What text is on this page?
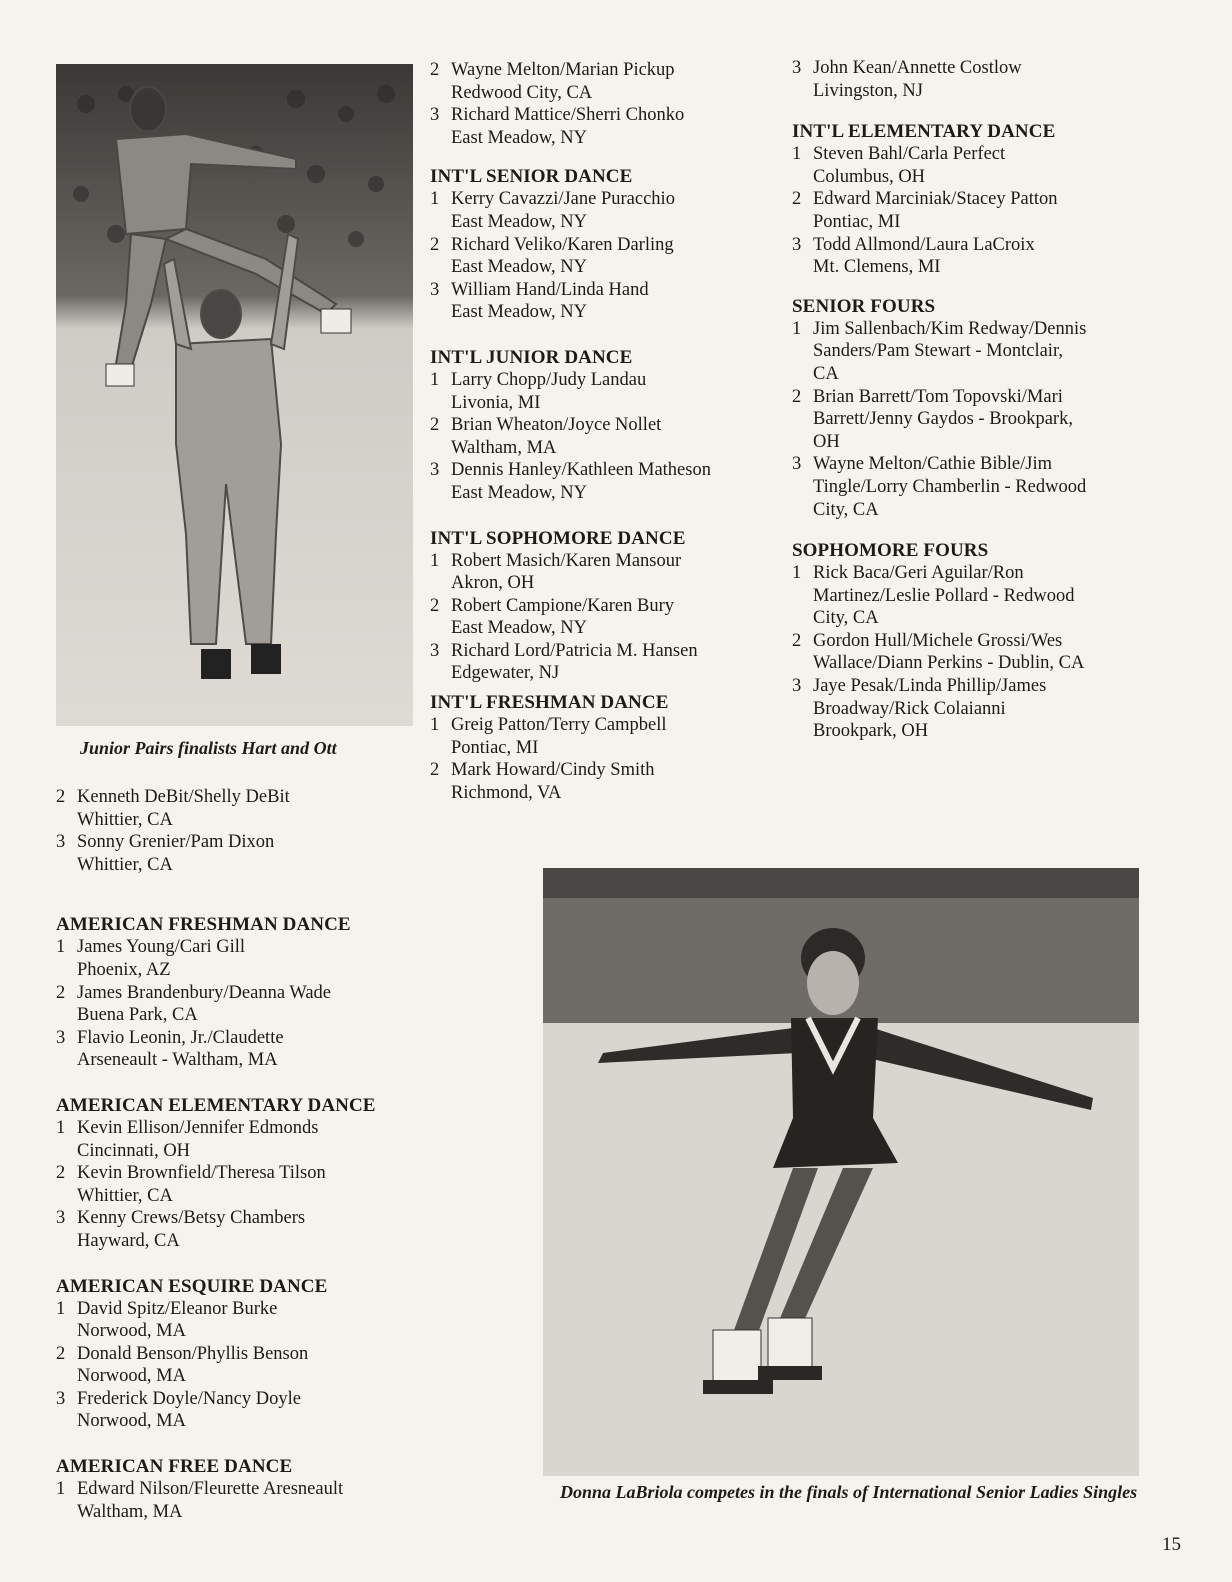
Junior Pairs finalists Hart and Ott
2 Kenneth DeBit/Shelly DeBit
Whittier, CA
3 Sonny Grenier/Pam Dixon
Whittier, CA
AMERICAN FRESHMAN DANCE
1 James Young/Cari Gill
Phoenix, AZ
2 James Brandenbury/Deanna Wade
Buena Park, CA
3 Flavio Leonin, Jr./Claudette
Arseneault - Waltham, MA
AMERICAN ELEMENTARY DANCE
1 Kevin Ellison/Jennifer Edmonds
Cincinnati, OH
2 Kevin Brownfield/Theresa Tilson
Whittier, CA
3 Kenny Crews/Betsy Chambers
Hayward, CA
AMERICAN ESQUIRE DANCE
1 David Spitz/Eleanor Burke
Norwood, MA
2 Donald Benson/Phyllis Benson
Norwood, MA
3 Frederick Doyle/Nancy Doyle
Norwood, MA
AMERICAN FREE DANCE
1 Edward Nilson/Fleurette Aresneault
Waltham, MA
2 Wayne Melton/Marian Pickup
Redwood City, CA
3 Richard Mattice/Sherri Chonko
East Meadow, NY
INT'L SENIOR DANCE
1 Kerry Cavazzi/Jane Puracchio
East Meadow, NY
2 Richard Veliko/Karen Darling
East Meadow, NY
3 William Hand/Linda Hand
East Meadow, NY
INT'L JUNIOR DANCE
1 Larry Chopp/Judy Landau
Livonia, MI
2 Brian Wheaton/Joyce Nollet
Waltham, MA
3 Dennis Hanley/Kathleen Matheson
East Meadow, NY
INT'L SOPHOMORE DANCE
1 Robert Masich/Karen Mansour
Akron, OH
2 Robert Campione/Karen Bury
East Meadow, NY
3 Richard Lord/Patricia M. Hansen
Edgewater, NJ
INT'L FRESHMAN DANCE
1 Greig Patton/Terry Campbell
Pontiac, MI
2 Mark Howard/Cindy Smith
Richmond, VA
3 John Kean/Annette Costlow
Livingston, NJ
INT'L ELEMENTARY DANCE
1 Steven Bahl/Carla Perfect
Columbus, OH
2 Edward Marciniak/Stacey Patton
Pontiac, MI
3 Todd Allmond/Laura LaCroix
Mt. Clemens, MI
SENIOR FOURS
1 Jim Sallenbach/Kim Redway/Dennis
Sanders/Pam Stewart - Montclair,
CA
2 Brian Barrett/Tom Topovski/Mari
Barrett/Jenny Gaydos - Brookpark,
OH
3 Wayne Melton/Cathie Bible/Jim
Tingle/Lorry Chamberlin - Redwood
City, CA
SOPHOMORE FOURS
1 Rick Baca/Geri Aguilar/Ron
Martinez/Leslie Pollard - Redwood
City, CA
2 Gordon Hull/Michele Grossi/Wes
Wallace/Diann Perkins - Dublin, CA
3 Jaye Pesak/Linda Phillip/James
Broadway/Rick Colaianni
Brookpark, OH
Donna LaBriola competes in the finals of International Senior Ladies Singles
15
